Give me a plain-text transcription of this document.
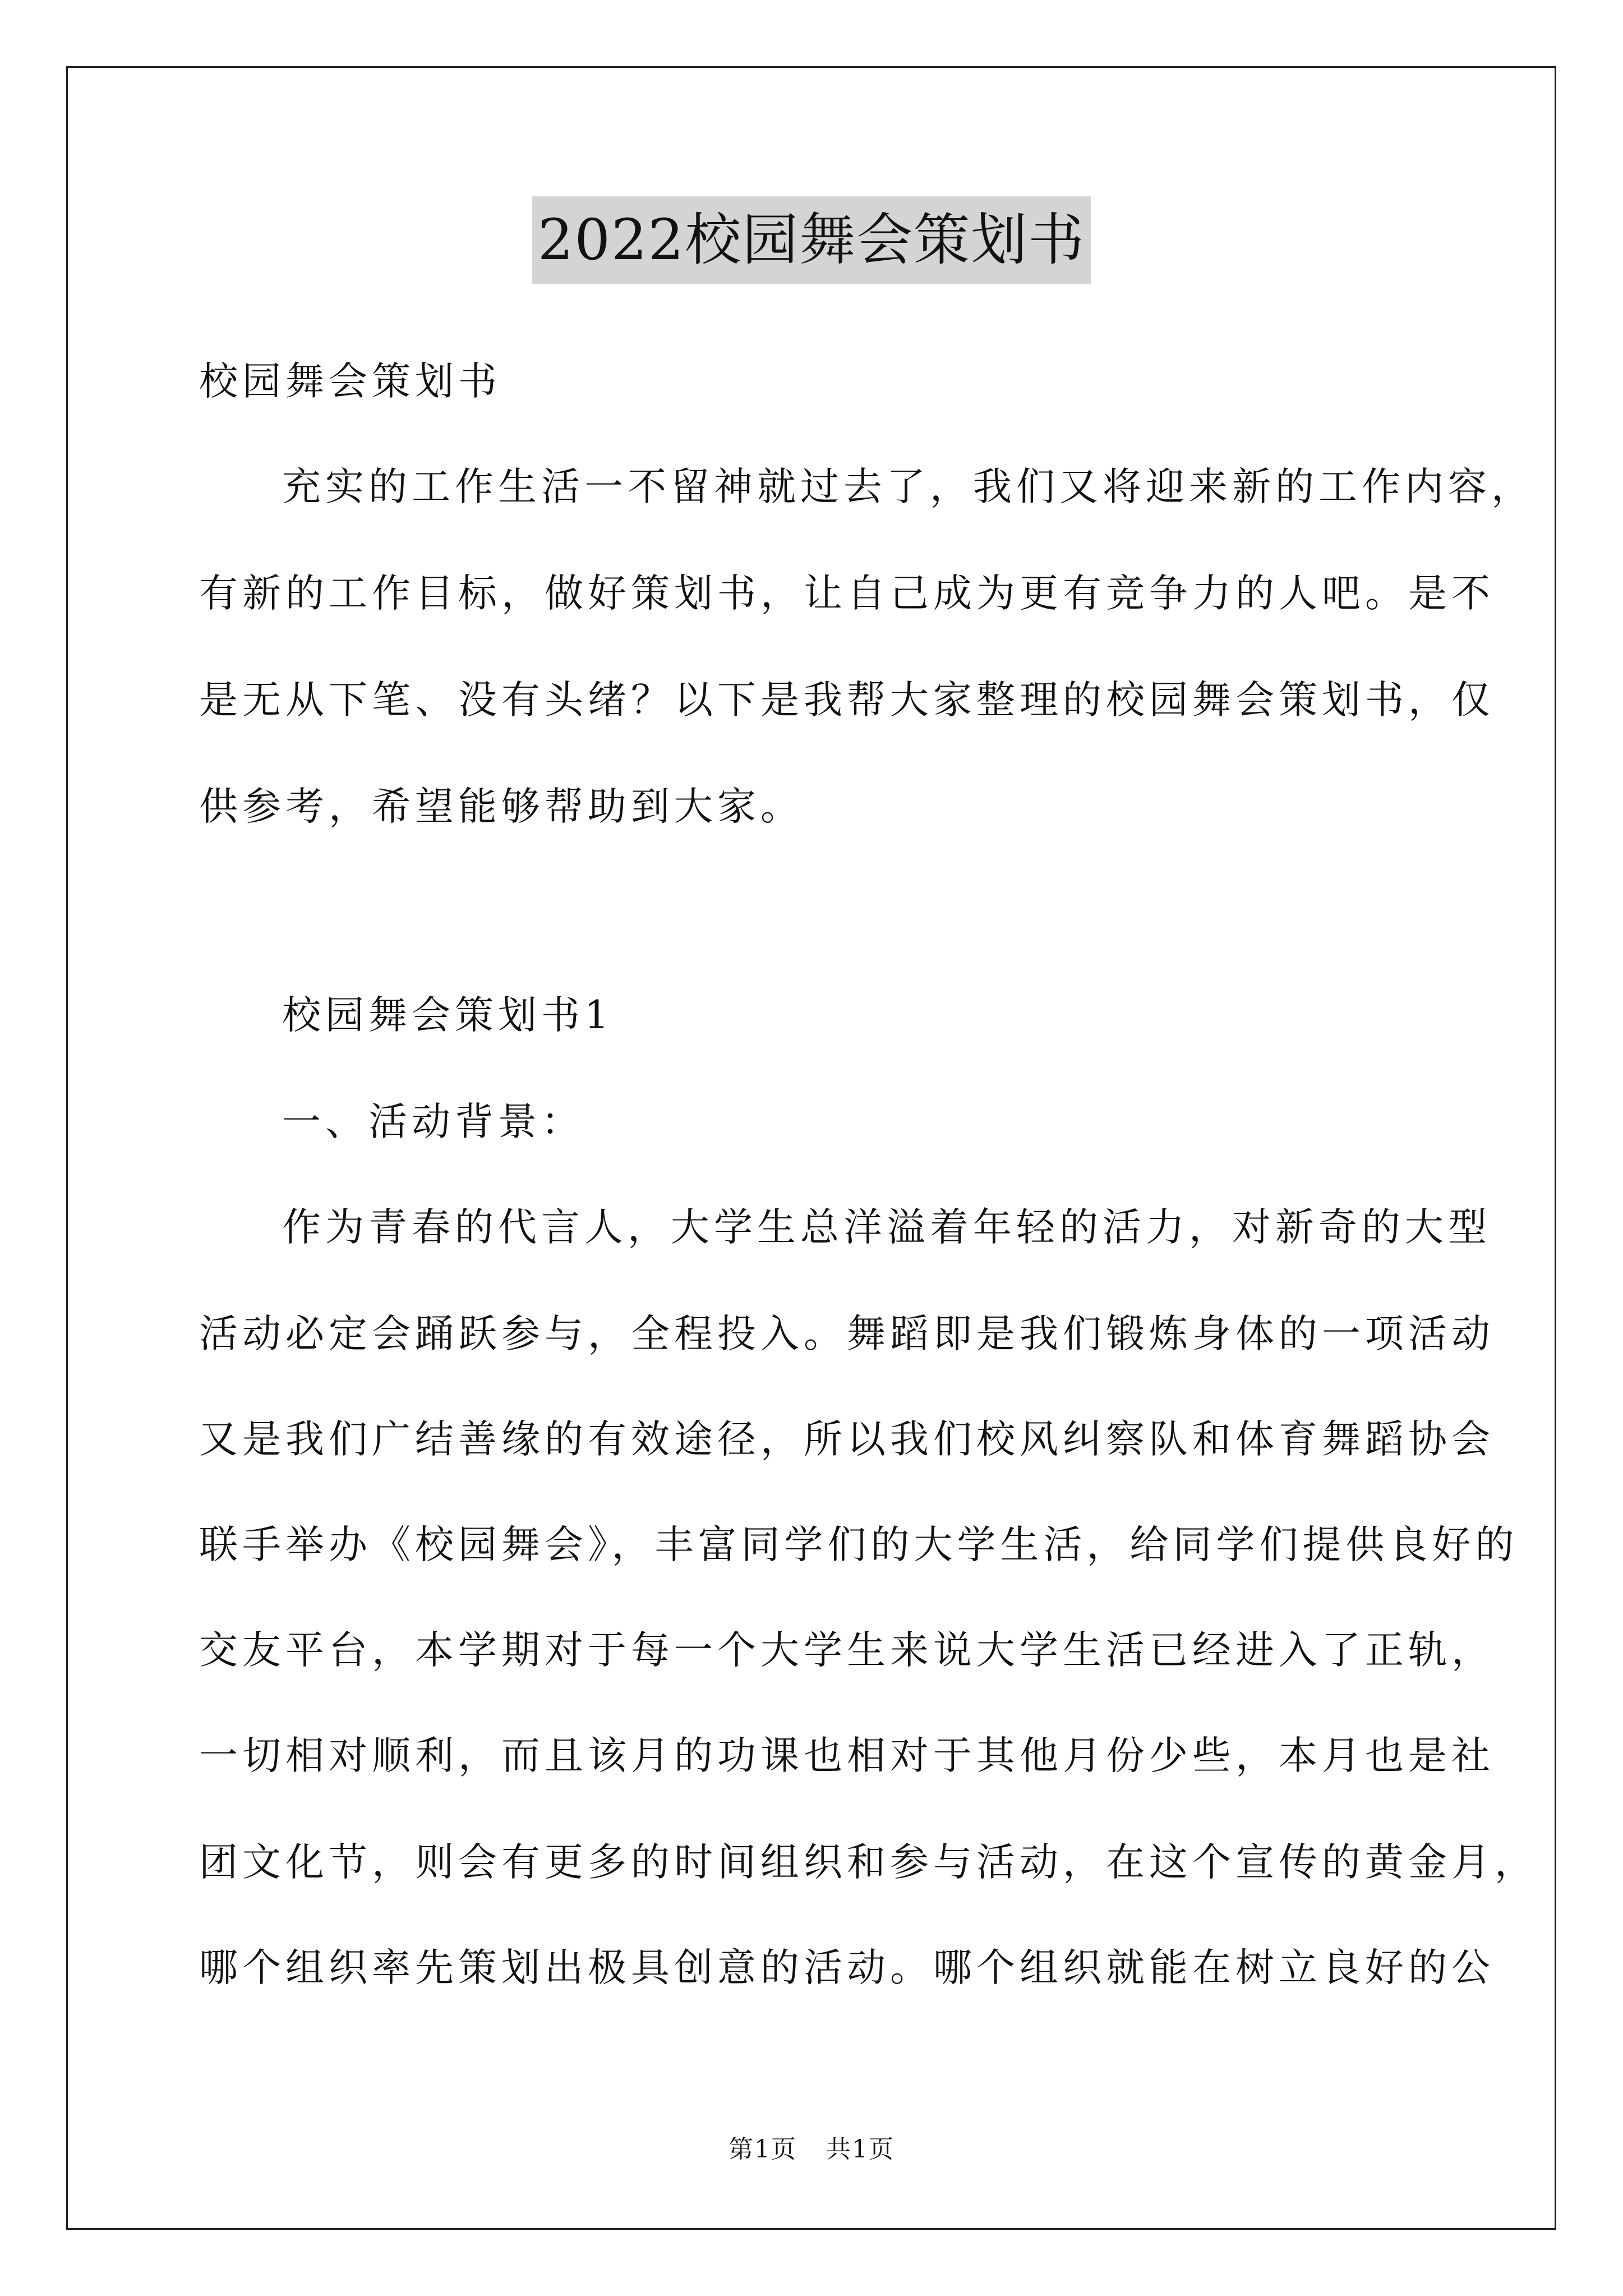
2022校园舞会策划书
校园舞会策划书
充实的工作生活一不留神就过去了，我们又将迎来新的工作内容，
有新的工作目标，做好策划书，让自己成为更有竞争力的人吧。是不
是无从下笔、没有头绪？以下是我帮大家整理的校园舞会策划书，仅
供参考，希望能够帮助到大家。
校园舞会策划书1
一、活动背景：
作为青春的代言人，大学生总洋溢着年轻的活力，对新奇的大型
活动必定会踊跃参与，全程投入。舞蹈即是我们锻炼身体的一项活动
又是我们广结善缘的有效途径，所以我们校风纠察队和体育舞蹈协会
联手举办《校园舞会》，丰富同学们的大学生活，给同学们提供良好的
交友平台，本学期对于每一个大学生来说大学生活已经进入了正轨，
一切相对顺利，而且该月的功课也相对于其他月份少些，本月也是社
团文化节，则会有更多的时间组织和参与活动，在这个宣传的黄金月，
哪个组织率先策划出极具创意的活动。哪个组织就能在树立良好的公
第1页 共1页
